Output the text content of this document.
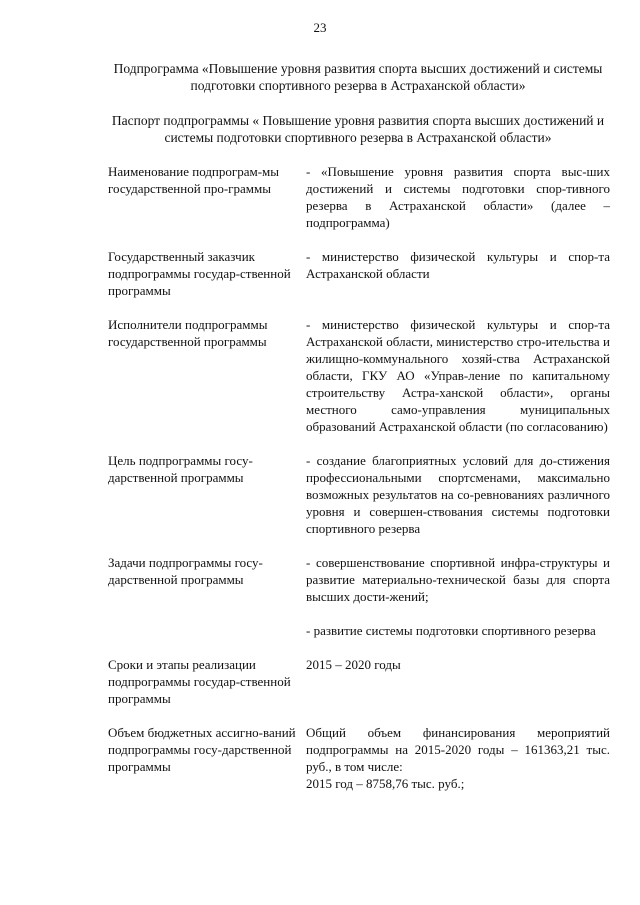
23
Подпрограмма «Повышение уровня развития спорта высших достижений и системы подготовки спортивного резерва в Астраханской области»
Паспорт подпрограммы « Повышение уровня развития спорта высших достижений и системы подготовки спортивного резерва в Астраханской области»
Наименование подпрограм-мы государственной про-граммы

- «Повышение уровня развития спорта выс-ших достижений и системы подготовки спор-тивного резерва в Астраханской области» (далее – подпрограмма)

Государственный заказчик подпрограммы государ-ственной программы

- министерство физической культуры и спор-та Астраханской области

Исполнители подпрограммы государственной программы

- министерство физической культуры и спор-та Астраханской области, министерство стро-ительства и жилищно-коммунального хозяй-ства Астраханской области, ГКУ АО «Управ-ление по капитальному строительству Астра-ханской области», органы местного само-управления муниципальных образований Астраханской области (по согласованию)

Цель подпрограммы госу-дарственной программы

- создание благоприятных условий для до-стижения профессиональными спортсменами, максимально возможных результатов на со-ревнованиях различного уровня и совершен-ствования системы подготовки спортивного резерва

Задачи подпрограммы госу-дарственной программы

- совершенствование спортивной инфра-структуры и развитие материально-технической базы для спорта высших дости-жений;

- развитие системы подготовки спортивного резерва

Сроки и этапы реализации подпрограммы государ-ственной программы

2015 – 2020 годы

Объем бюджетных ассигно-ваний подпрограммы госу-дарственной программы
Общий объем финансирования мероприятий подпрограммы на 2015-2020 годы – 161363,21 тыс. руб., в том числе:
2015 год – 8758,76 тыс. руб.;
